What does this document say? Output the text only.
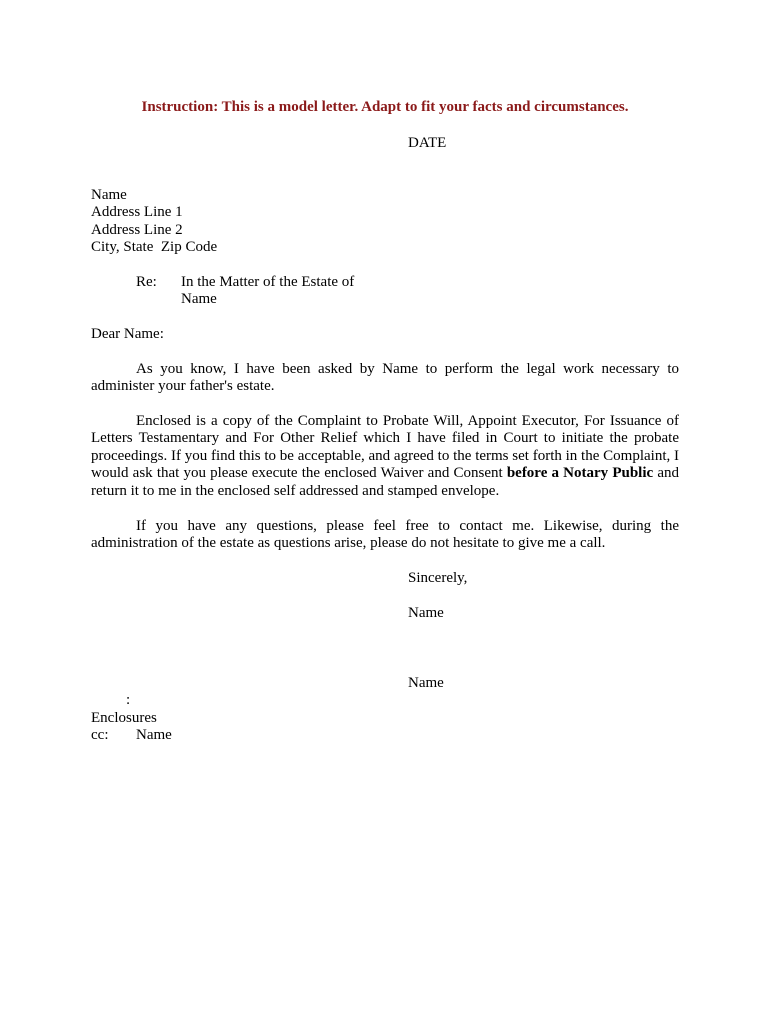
Instruction: This is a model letter. Adapt to fit your facts and circumstances.
DATE
Name
Address Line 1
Address Line 2
City, State  Zip Code
Re: In the Matter of the Estate of
Name
Dear Name:
As you know, I have been asked by Name to perform the legal work necessary to administer your father's estate.
Enclosed is a copy of the Complaint to Probate Will, Appoint Executor, For Issuance of Letters Testamentary and For Other Relief which I have filed in Court to initiate the probate proceedings. If you find this to be acceptable, and agreed to the terms set forth in the Complaint, I would ask that you please execute the enclosed Waiver and Consent before a Notary Public and return it to me in the enclosed self addressed and stamped envelope.
If you have any questions, please feel free to contact me. Likewise, during the administration of the estate as questions arise, please do not hesitate to give me a call.
Sincerely,
Name
Name
:
Enclosures
cc: Name
